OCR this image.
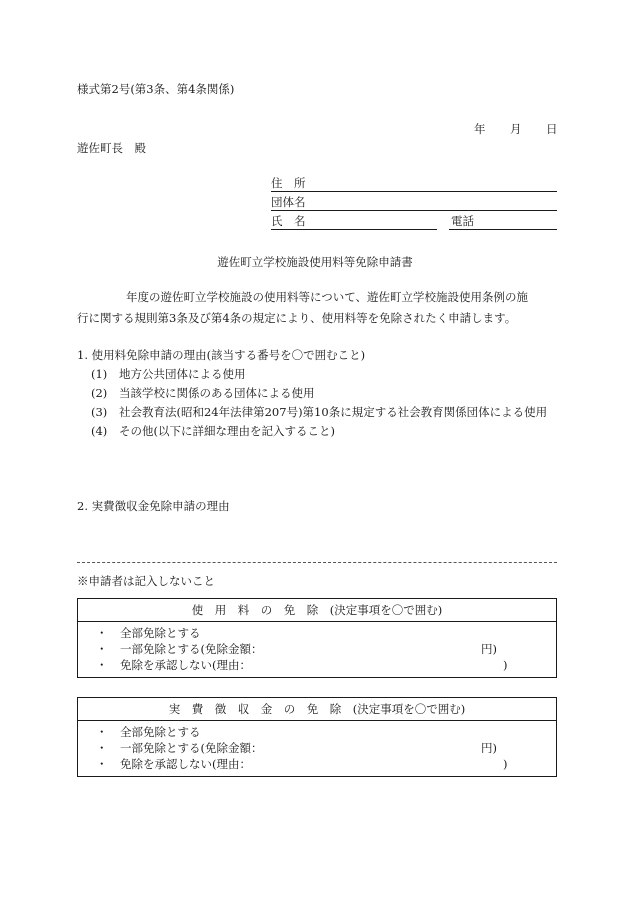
様式第2号(第3条、第4条関係)
年 月 日
遊佐町長　殿
住　所
団体名
氏　名	電話
遊佐町立学校施設使用料等免除申請書
年度の遊佐町立学校施設の使用料等について、遊佐町立学校施設使用条例の施
行に関する規則第3条及び第4条の規定により、使用料等を免除されたく申請します。
1. 使用料免除申請の理由(該当する番号を〇で囲むこと)
(1) 地方公共団体による使用
(2) 当該学校に関係のある団体による使用
(3) 社会教育法(昭和24年法律第207号)第10条に規定する社会教育関係団体による使用
(4) その他(以下に詳細な理由を記入すること)
2. 実費徴収金免除申請の理由
※申請者は記入しないこと
使　用　料　の　免　除　(決定事項を〇で囲む)
・ 全部免除とする
・ 一部免除とする(免除金額：	円)
・ 免除を承認しない(理由：	)
実　費　徴　収　金　の　免　除　(決定事項を〇で囲む)
・ 全部免除とする
・ 一部免除とする(免除金額：	円)
・ 免除を承認しない(理由：	)
